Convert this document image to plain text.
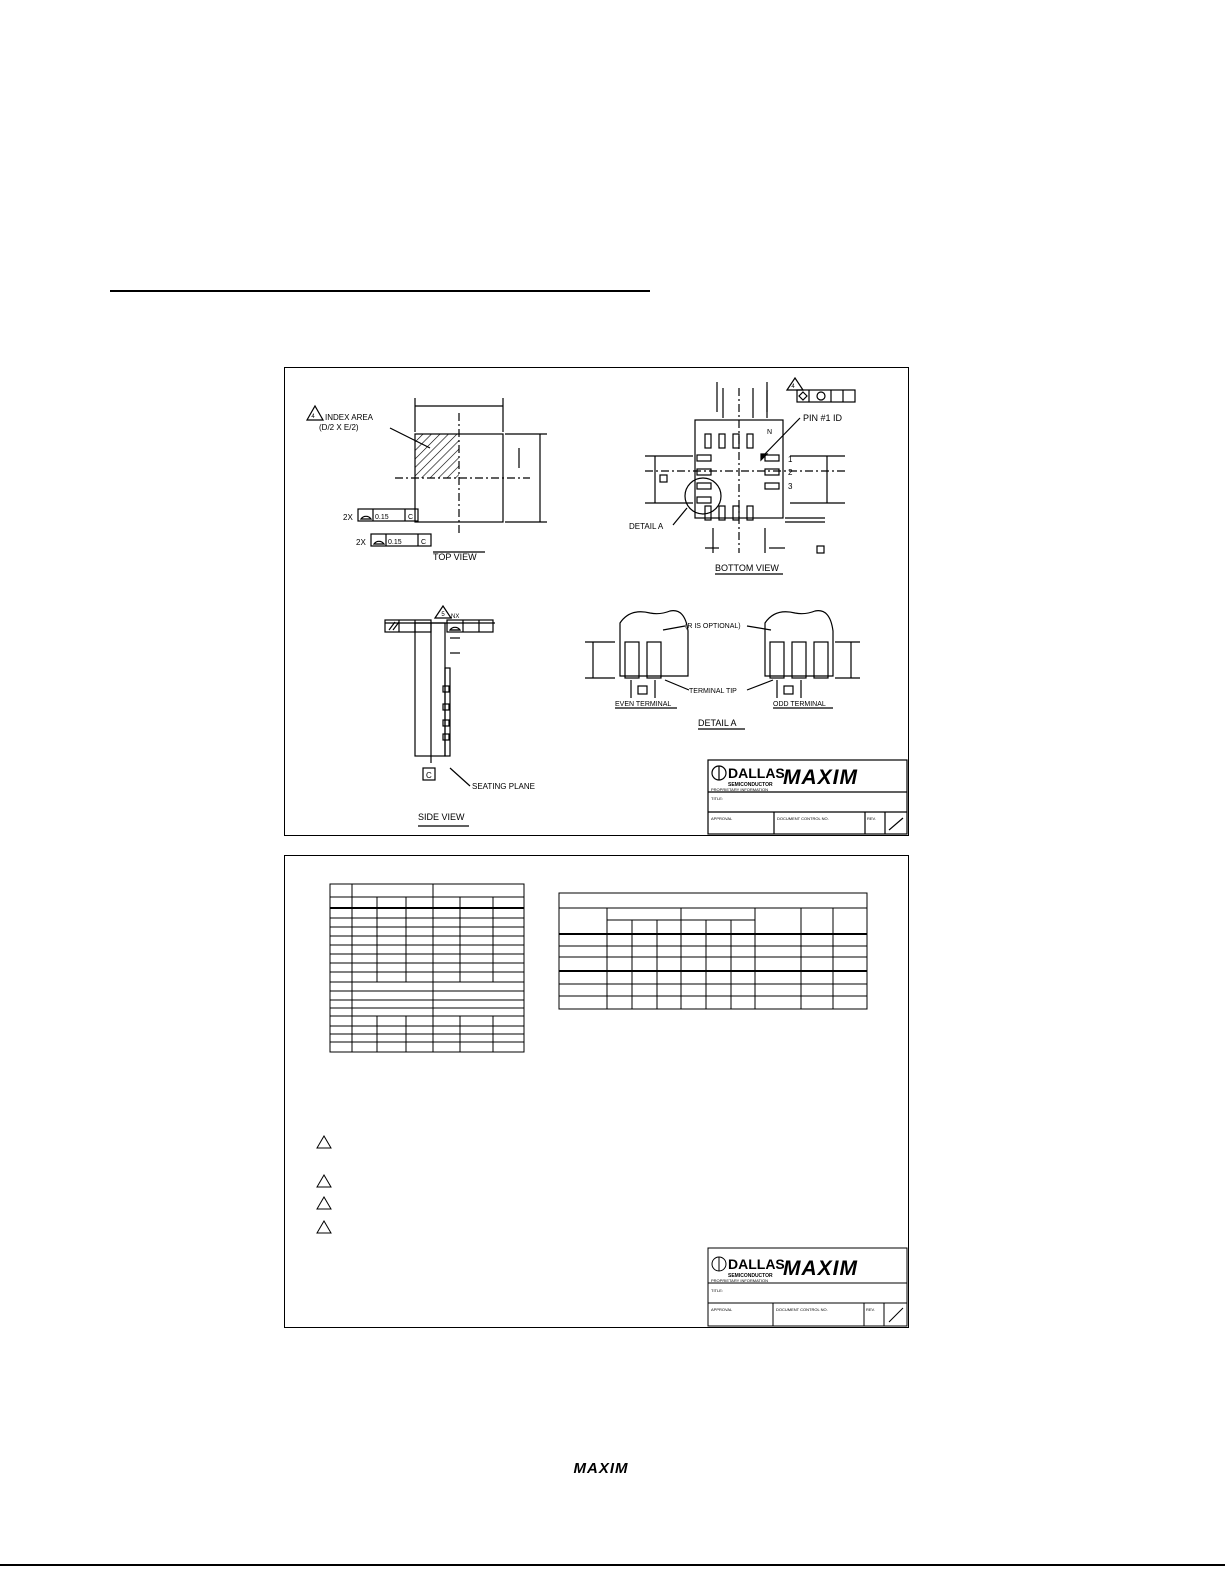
4 INDEX AREA
(D/2 X E/2)
2X	0.15	C
2X	0.15	C
TOP VIEW
4
PIN #1 ID
N
1
2
3
DETAIL A
BOTTOM VIEW
5 NX
C
SEATING PLANE
SIDE VIEW
(R IS OPTIONAL)
TERMINAL TIP
EVEN TERMINAL	ODD TERMINAL
DETAIL A
DALLAS
SEMICONDUCTOR
PROPRIETARY INFORMATION
TITLE:
APPROVAL	DOCUMENT CONTROL NO.	REV.
MAXIM
DALLAS
SEMICONDUCTOR
PROPRIETARY INFORMATION
TITLE:
APPROVAL	DOCUMENT CONTROL NO.	REV.
MAXIM
MAXIM
